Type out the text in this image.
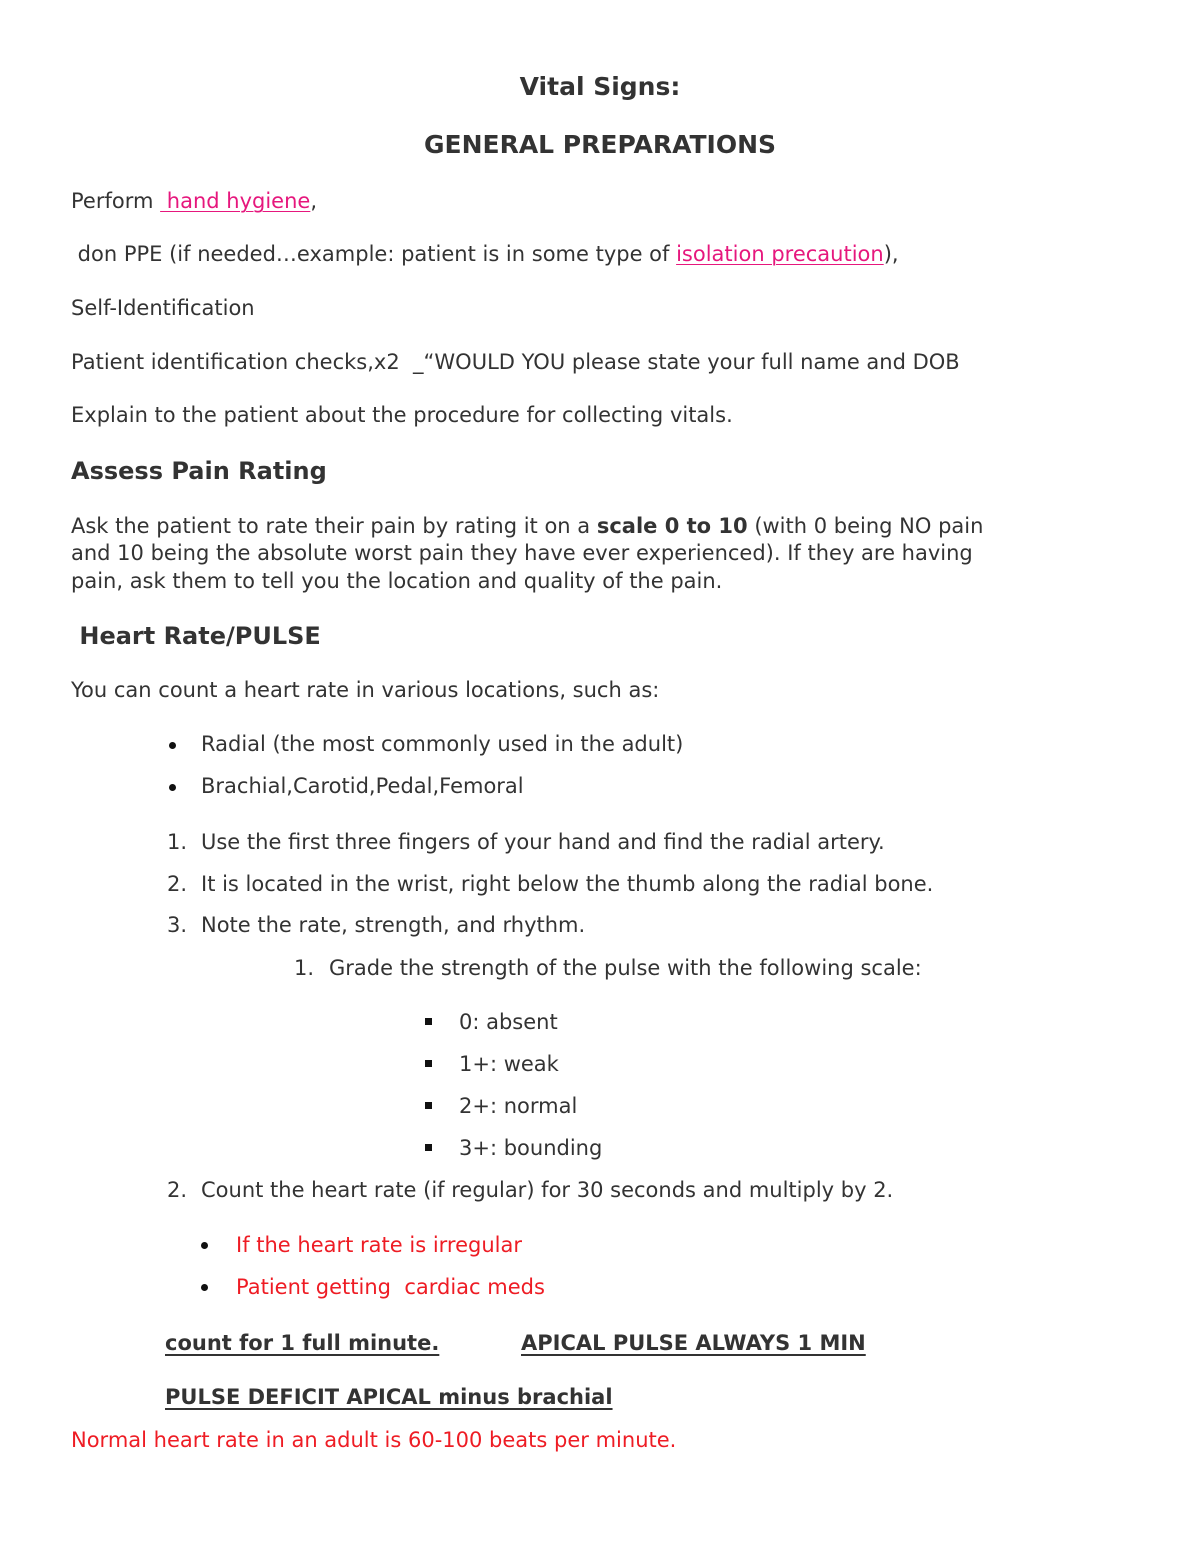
Vital Signs:
GENERAL PREPARATIONS
Perform  hand hygiene,
don PPE (if needed…example: patient is in some type of isolation precaution),
Self-Identification
Patient identification checks,x2  _“WOULD YOU please state your full name and DOB
Explain to the patient about the procedure for collecting vitals.
Assess Pain Rating
Ask the patient to rate their pain by rating it on a scale 0 to 10 (with 0 being NO pain
and 10 being the absolute worst pain they have ever experienced). If they are having
pain, ask them to tell you the location and quality of the pain.
Heart Rate/PULSE
You can count a heart rate in various locations, such as:
Radial (the most commonly used in the adult)
Brachial,Carotid,Pedal,Femoral
1. Use the first three fingers of your hand and find the radial artery.
2. It is located in the wrist, right below the thumb along the radial bone.
3. Note the rate, strength, and rhythm.
1. Grade the strength of the pulse with the following scale:
0: absent
1+: weak
2+: normal
3+: bounding
2. Count the heart rate (if regular) for 30 seconds and multiply by 2.
If the heart rate is irregular
Patient getting  cardiac meds
count for 1 full minute.	APICAL PULSE ALWAYS 1 MIN
PULSE DEFICIT APICAL minus brachial
Normal heart rate in an adult is 60-100 beats per minute.
